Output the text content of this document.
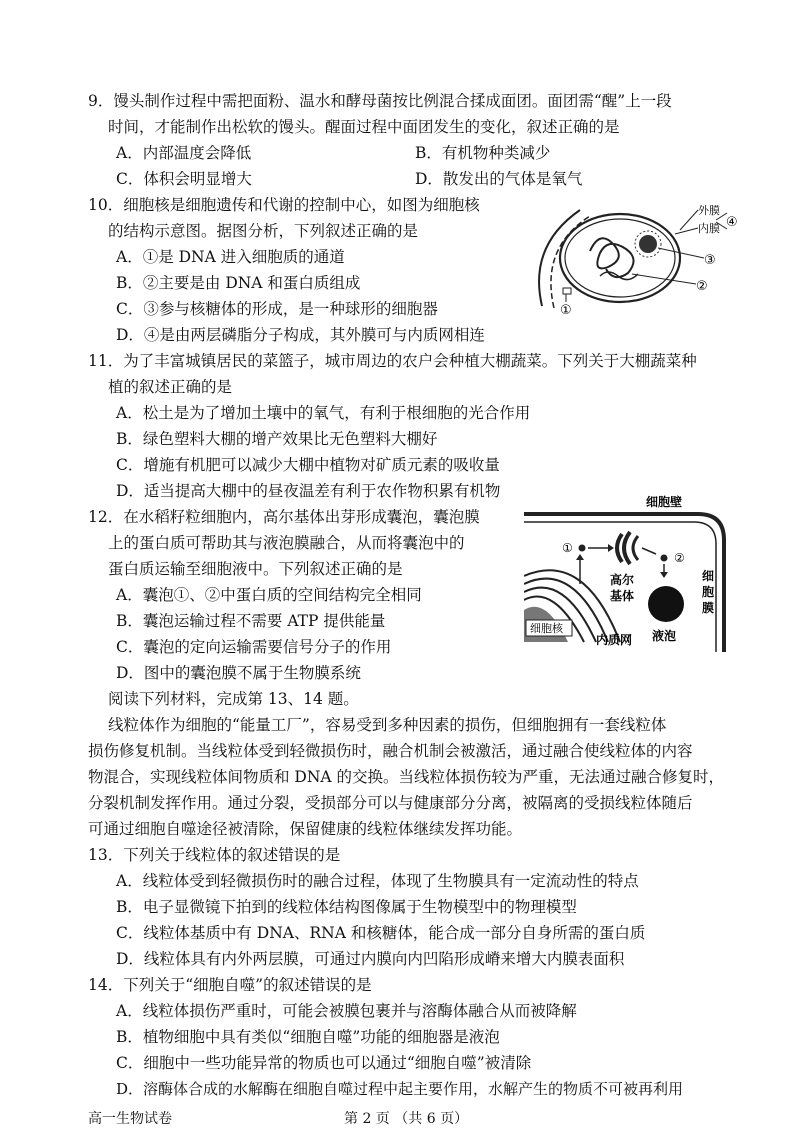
9．馒头制作过程中需把面粉、温水和酵母菌按比例混合揉成面团。面团需“醒”上一段
时间，才能制作出松软的馒头。醒面过程中面团发生的变化，叙述正确的是
A．内部温度会降低	B．有机物种类减少
C．体积会明显增大	D．散发出的气体是氧气
10．细胞核是细胞遗传和代谢的控制中心，如图为细胞核
的结构示意图。据图分析，下列叙述正确的是
A．①是 DNA 进入细胞质的通道
B．②主要是由 DNA 和蛋白质组成
C．③参与核糖体的形成，是一种球形的细胞器
D．④是由两层磷脂分子构成，其外膜可与内质网相连
外膜
内膜 ④
③
②
①
11．为了丰富城镇居民的菜篮子，城市周边的农户会种植大棚蔬菜。下列关于大棚蔬菜种
植的叙述正确的是
A．松土是为了增加土壤中的氧气，有利于根细胞的光合作用
B．绿色塑料大棚的增产效果比无色塑料大棚好
C．增施有机肥可以减少大棚中植物对矿质元素的吸收量
D．适当提高大棚中的昼夜温差有利于农作物积累有机物
12．在水稻籽粒细胞内，高尔基体出芽形成囊泡，囊泡膜
上的蛋白质可帮助其与液泡膜融合，从而将囊泡中的
蛋白质运输至细胞液中。下列叙述正确的是
A．囊泡①、②中蛋白质的空间结构完全相同
B．囊泡运输过程不需要 ATP 提供能量
C．囊泡的定向运输需要信号分子的作用
D．图中的囊泡膜不属于生物膜系统
细胞壁
细
胞
膜
细胞核
内质网
①
高尔
基体
②
液泡
阅读下列材料，完成第 13、14 题。
线粒体作为细胞的“能量工厂”，容易受到多种因素的损伤，但细胞拥有一套线粒体
损伤修复机制。当线粒体受到轻微损伤时，融合机制会被激活，通过融合使线粒体的内容
物混合，实现线粒体间物质和 DNA 的交换。当线粒体损伤较为严重，无法通过融合修复时，
分裂机制发挥作用。通过分裂，受损部分可以与健康部分分离，被隔离的受损线粒体随后
可通过细胞自噬途径被清除，保留健康的线粒体继续发挥功能。
13．下列关于线粒体的叙述错误的是
A．线粒体受到轻微损伤时的融合过程，体现了生物膜具有一定流动性的特点
B．电子显微镜下拍到的线粒体结构图像属于生物模型中的物理模型
C．线粒体基质中有 DNA、RNA 和核糖体，能合成一部分自身所需的蛋白质
D．线粒体具有内外两层膜，可通过内膜向内凹陷形成嵴来增大内膜表面积
14．下列关于“细胞自噬”的叙述错误的是
A．线粒体损伤严重时，可能会被膜包裹并与溶酶体融合从而被降解
B．植物细胞中具有类似“细胞自噬”功能的细胞器是液泡
C．细胞中一些功能异常的物质也可以通过“细胞自噬”被清除
D．溶酶体合成的水解酶在细胞自噬过程中起主要作用，水解产生的物质不可被再利用
高一生物试卷	第 2 页 （共 6 页）
